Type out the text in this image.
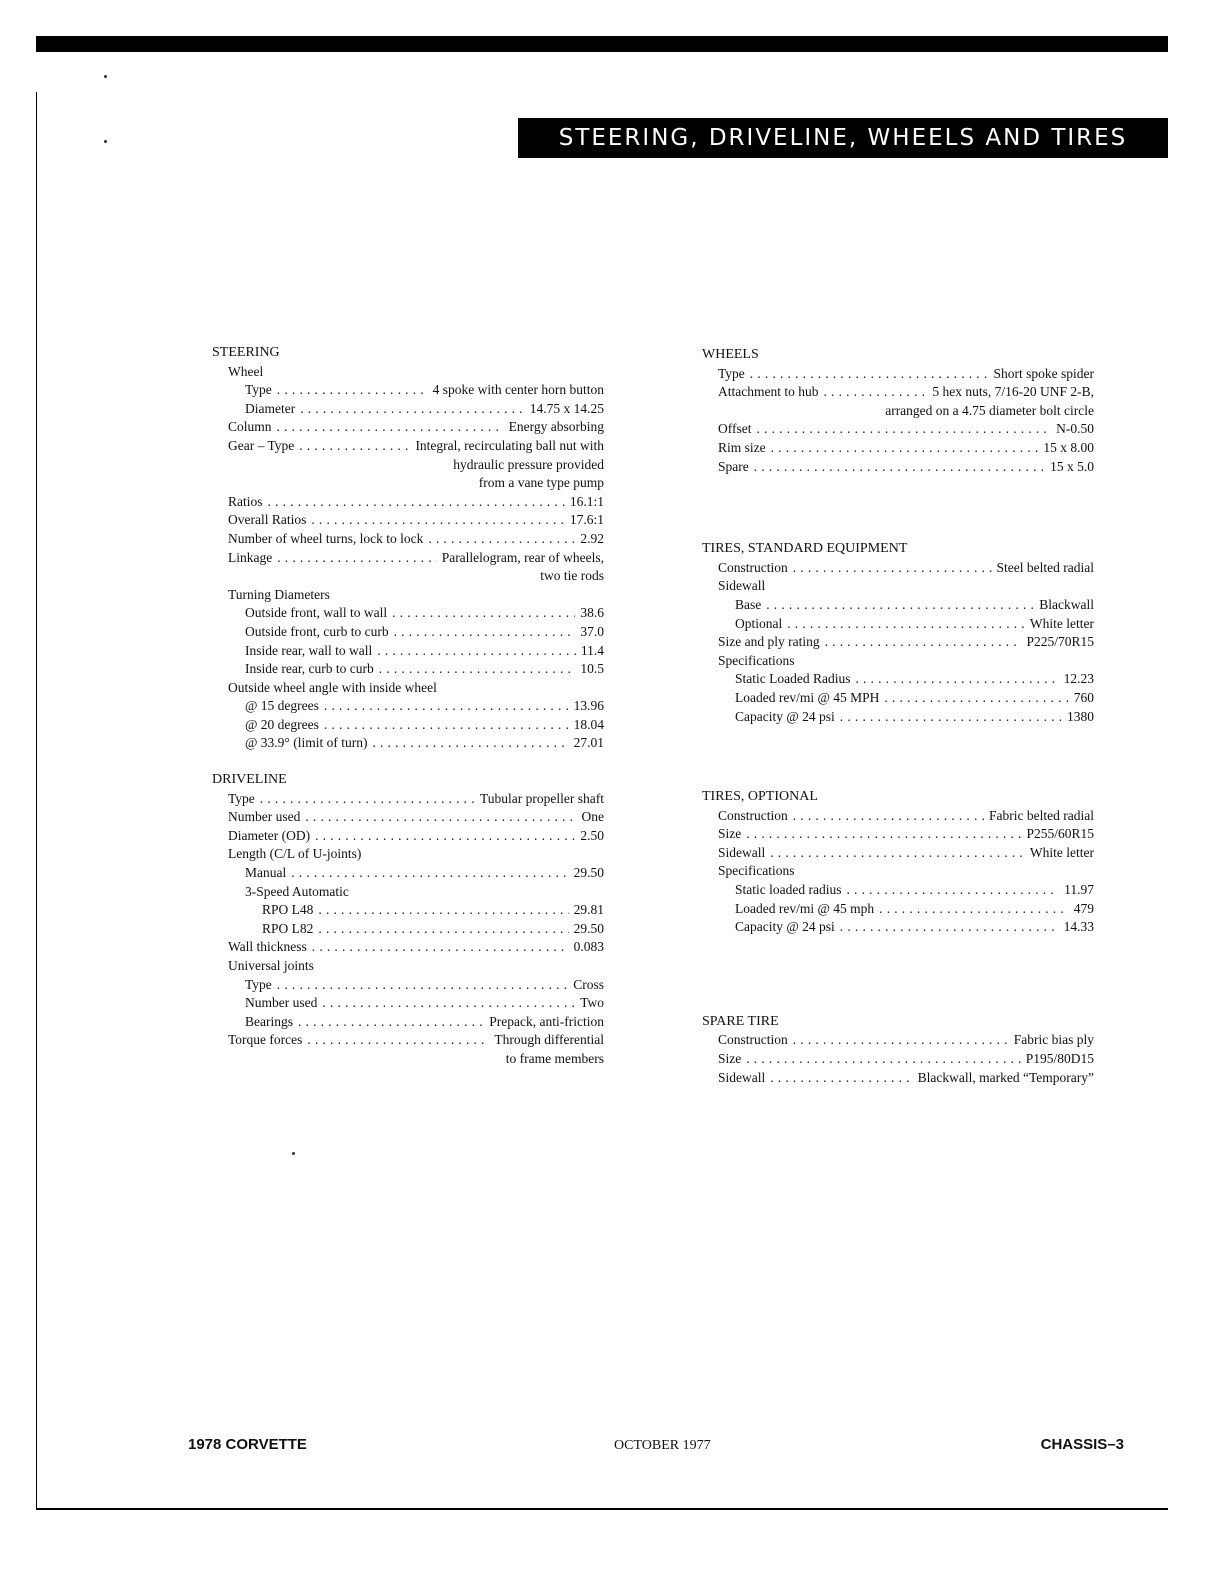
STEERING, DRIVELINE, WHEELS AND TIRES
STEERING
Wheel
Type . . .	4 spoke with center horn button
Diameter . . .	14.75 x 14.25
Column . . .	Energy absorbing
Gear – Type . . .	Integral, recirculating ball nut with
hydraulic pressure provided
from a vane type pump
Ratios . . .	16.1:1
Overall Ratios . . .	17.6:1
Number of wheel turns, lock to lock . . .	2.92
Linkage . . .	Parallelogram, rear of wheels,
two tie rods
Turning Diameters
Outside front, wall to wall . . .	38.6
Outside front, curb to curb . . .	37.0
Inside rear, wall to wall . . .	11.4
Inside rear, curb to curb . . .	10.5
Outside wheel angle with inside wheel
@ 15 degrees . . .	13.96
@ 20 degrees . . .	18.04
@ 33.9° (limit of turn) . . .	27.01
DRIVELINE
Type . . .	Tubular propeller shaft
Number used . . .	One
Diameter (OD) . . .	2.50
Length (C/L of U-joints)
Manual . . .	29.50
3-Speed Automatic
RPO L48 . . .	29.81
RPO L82 . . .	29.50
Wall thickness . . .	0.083
Universal joints
Type . . .	Cross
Number used . . .	Two
Bearings . . .	Prepack, anti-friction
Torque forces . . .	Through differential
to frame members
WHEELS
Type . . .	Short spoke spider
Attachment to hub . . .	5 hex nuts, 7/16-20 UNF 2-B,
arranged on a 4.75 diameter bolt circle
Offset . . .	N-0.50
Rim size . . .	15 x 8.00
Spare . . .	15 x 5.0
TIRES, STANDARD EQUIPMENT
Construction . . .	Steel belted radial
Sidewall
Base . . .	Blackwall
Optional . . .	White letter
Size and ply rating . . .	P225/70R15
Specifications
Static Loaded Radius . . .	12.23
Loaded rev/mi @ 45 MPH . . .	760
Capacity @ 24 psi . . .	1380
TIRES, OPTIONAL
Construction . . .	Fabric belted radial
Size . . .	P255/60R15
Sidewall . . .	White letter
Specifications
Static loaded radius . . .	11.97
Loaded rev/mi @ 45 mph . . .	479
Capacity @ 24 psi . . .	14.33
SPARE TIRE
Construction . . .	Fabric bias ply
Size . . .	P195/80D15
Sidewall . . .	Blackwall, marked “Temporary”
1978 CORVETTE	OCTOBER 1977	CHASSIS–3
